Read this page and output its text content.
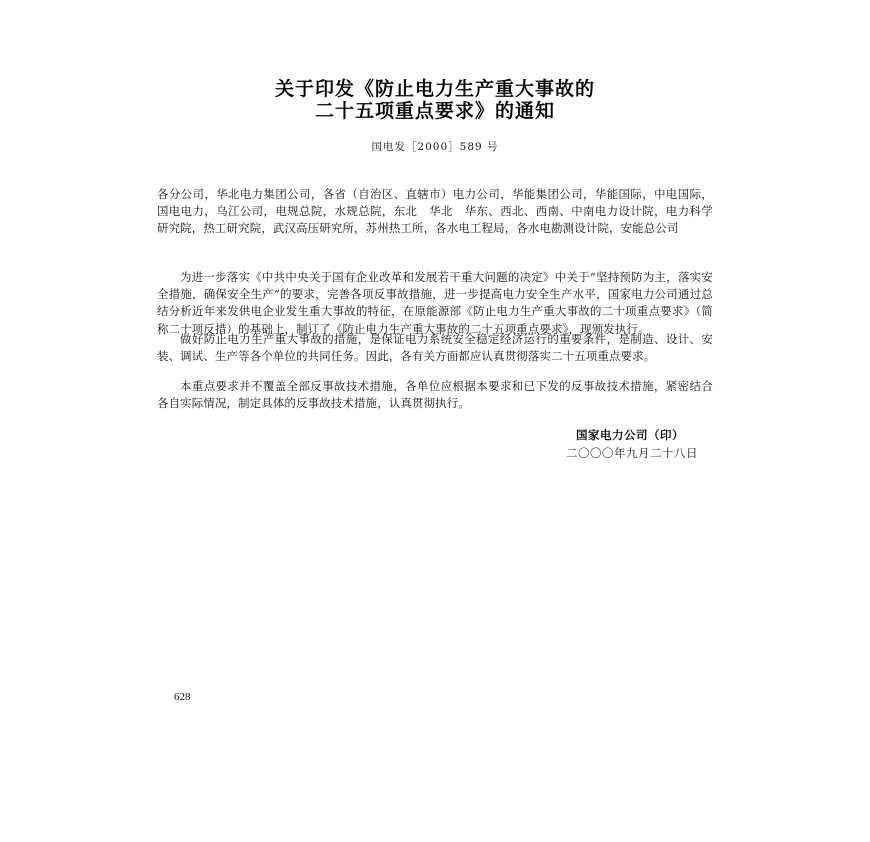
关于印发《防止电力生产重大事故的
二十五项重点要求》的通知
国电发［2000］589 号
各分公司，华北电力集团公司，各省（自治区、直辖市）电力公司，华能集团公司，华能国际，中电国际，国电电力，乌江公司，电规总院，水规总院，东北　华北　华东、西北、西南、中南电力设计院，电力科学研究院，热工研究院，武汉高压研究所，苏州热工所，各水电工程局，各水电勘测设计院，安能总公司
为进一步落实《中共中央关于国有企业改革和发展若干重大问题的决定》中关于“坚持预防为主，落实安全措施，确保安全生产”的要求，完善各项反事故措施，进一步提高电力安全生产水平，国家电力公司通过总结分析近年来发供电企业发生重大事故的特征，在原能源部《防止电力生产重大事故的二十项重点要求》（简称二十项反措）的基础上，制订了《防止电力生产重大事故的二十五项重点要求》，现颁发执行。
做好防止电力生产重大事故的措施，是保证电力系统安全稳定经济运行的重要条件，是制造、设计、安装、调试、生产等各个单位的共同任务。因此，各有关方面都应认真贯彻落实二十五项重点要求。
本重点要求并不覆盖全部反事故技术措施，各单位应根据本要求和已下发的反事故技术措施，紧密结合各自实际情况，制定具体的反事故技术措施，认真贯彻执行。
国家电力公司（印）
二〇〇〇年九月二十八日
628
